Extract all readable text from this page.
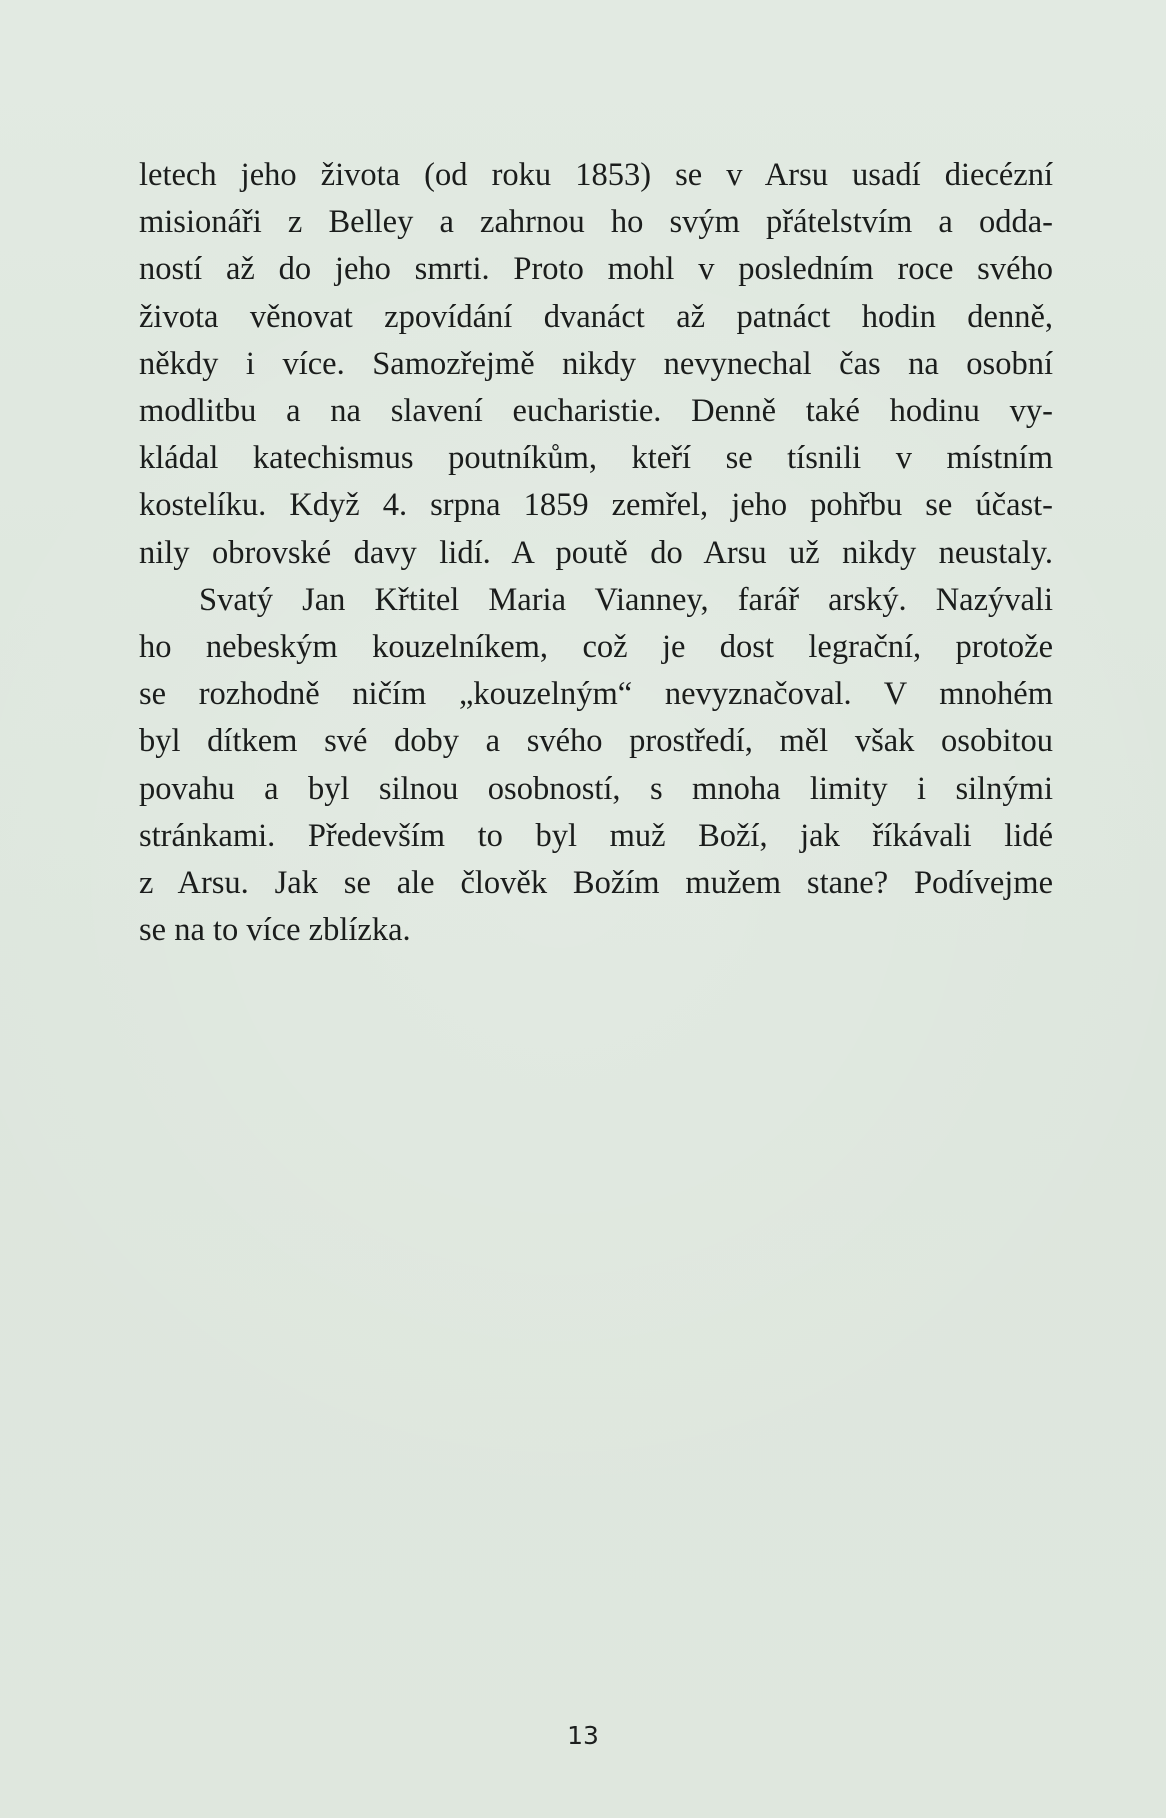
letech jeho života (od roku 1853) se v Arsu usadí diecézní
misionáři z Belley a zahrnou ho svým přátelstvím a odda-
ností až do jeho smrti. Proto mohl v posledním roce svého
života věnovat zpovídání dvanáct až patnáct hodin denně,
někdy i více. Samozřejmě nikdy nevynechal čas na osobní
modlitbu a na slavení eucharistie. Denně také hodinu vy-
kládal katechismus poutníkům, kteří se tísnili v místním
kostelíku. Když 4. srpna 1859 zemřel, jeho pohřbu se účast-
nily obrovské davy lidí. A poutě do Arsu už nikdy neustaly.
Svatý Jan Křtitel Maria Vianney, farář arský. Nazývali
ho nebeským kouzelníkem, což je dost legrační, protože
se rozhodně ničím „kouzelným“ nevyznačoval. V mnohém
byl dítkem své doby a svého prostředí, měl však osobitou
povahu a byl silnou osobností, s mnoha limity i silnými
stránkami. Především to byl muž Boží, jak říkávali lidé
z Arsu. Jak se ale člověk Božím mužem stane? Podívejme
se na to více zblízka.
13
